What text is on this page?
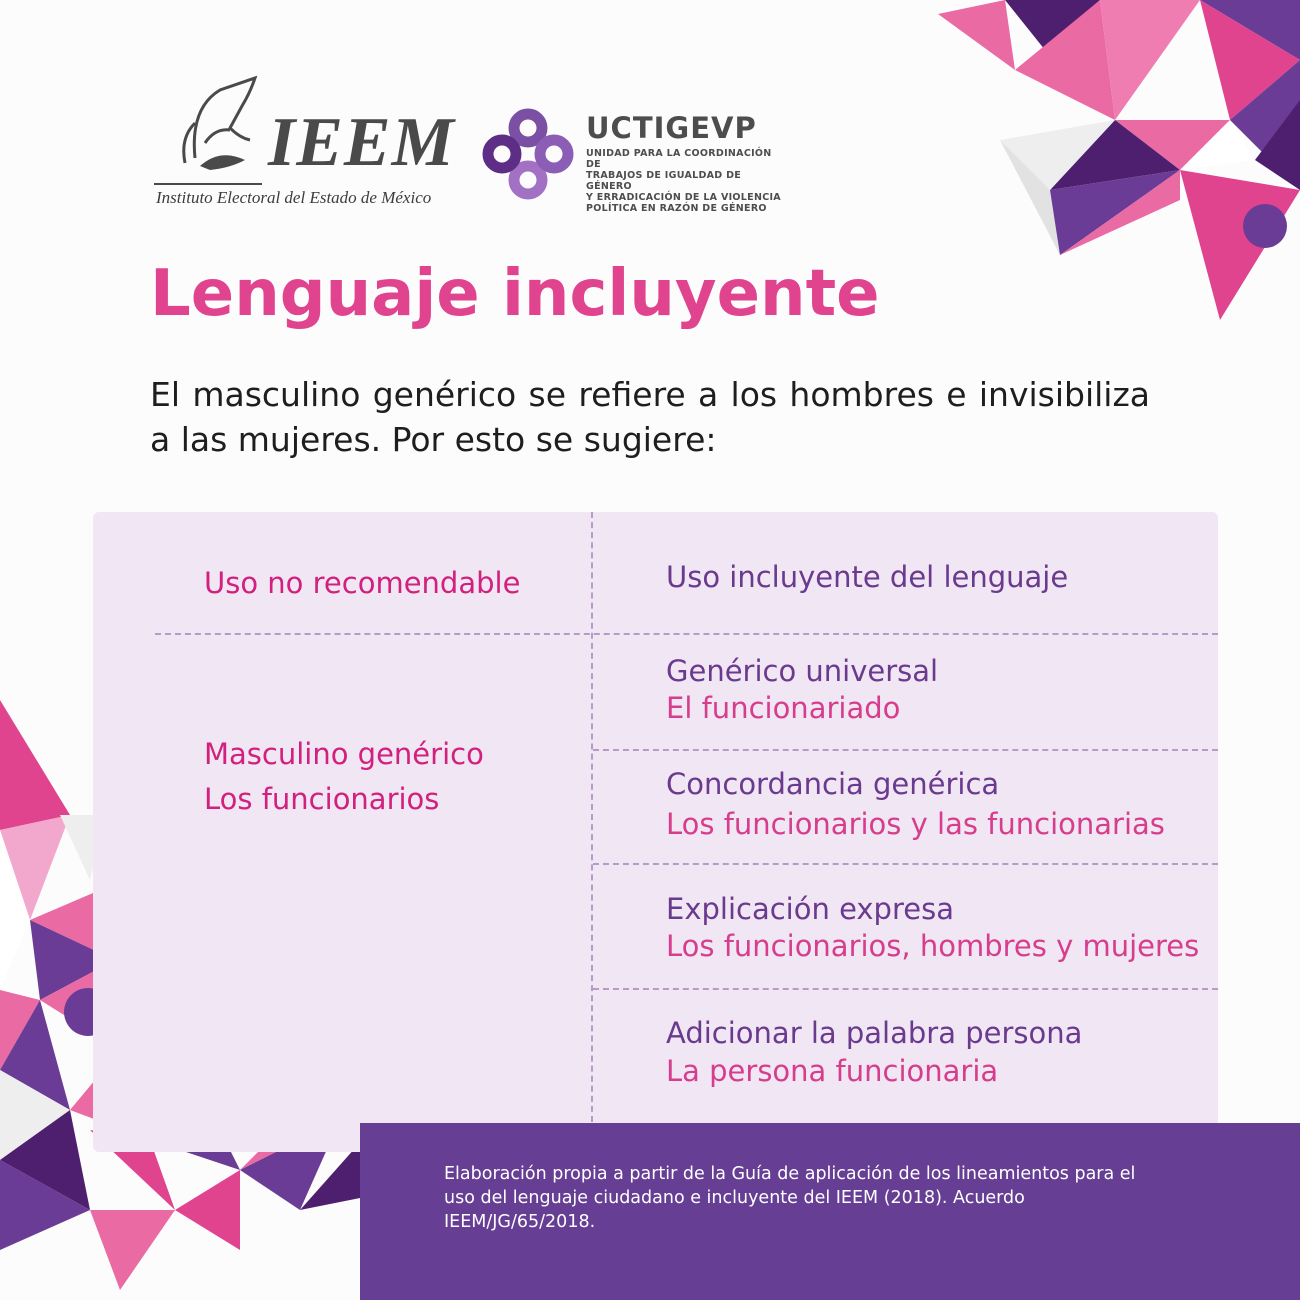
IEEM
Instituto Electoral del Estado de México
UCTIGEVP
UNIDAD PARA LA COORDINACIÓN DE
TRABAJOS DE IGUALDAD DE GÉNERO
Y ERRADICACIÓN DE LA VIOLENCIA
POLÍTICA EN RAZÓN DE GÉNERO
Lenguaje incluyente
El masculino genérico se refiere a los hombres e invisibiliza a las mujeres. Por esto se sugiere:
Uso no recomendable	Uso incluyente del lenguaje
Masculino genérico
Los funcionarios
Genérico universal
El funcionariado
Concordancia genérica
Los funcionarios y las funcionarias
Explicación expresa
Los funcionarios, hombres y mujeres
Adicionar la palabra persona
La persona funcionaria
Elaboración propia a partir de la Guía de aplicación de los lineamientos para el uso del lenguaje ciudadano e incluyente del IEEM (2018). Acuerdo IEEM/JG/65/2018.
